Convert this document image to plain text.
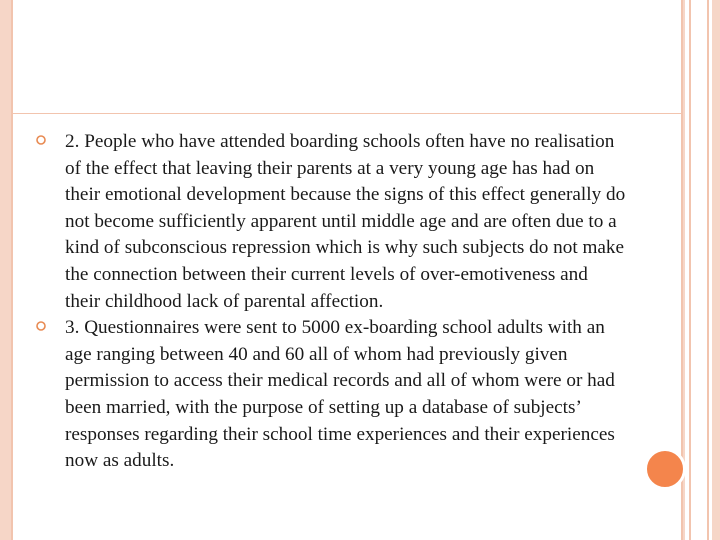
2. People who have attended boarding schools often have no realisation of the effect that leaving their parents at a very young age has had on their emotional development because the signs of this effect generally do not become sufficiently apparent until middle age and are often due to a kind of subconscious repression which is why such subjects do not make the connection between their current levels of over-emotiveness and their childhood lack of parental affection.
3. Questionnaires were sent to 5000 ex-boarding school adults with an age ranging between 40 and 60 all of whom had previously given permission to access their medical records and all of whom were or had been married, with the purpose of setting up a database of subjects’ responses regarding their school time experiences and their experiences now as adults.
